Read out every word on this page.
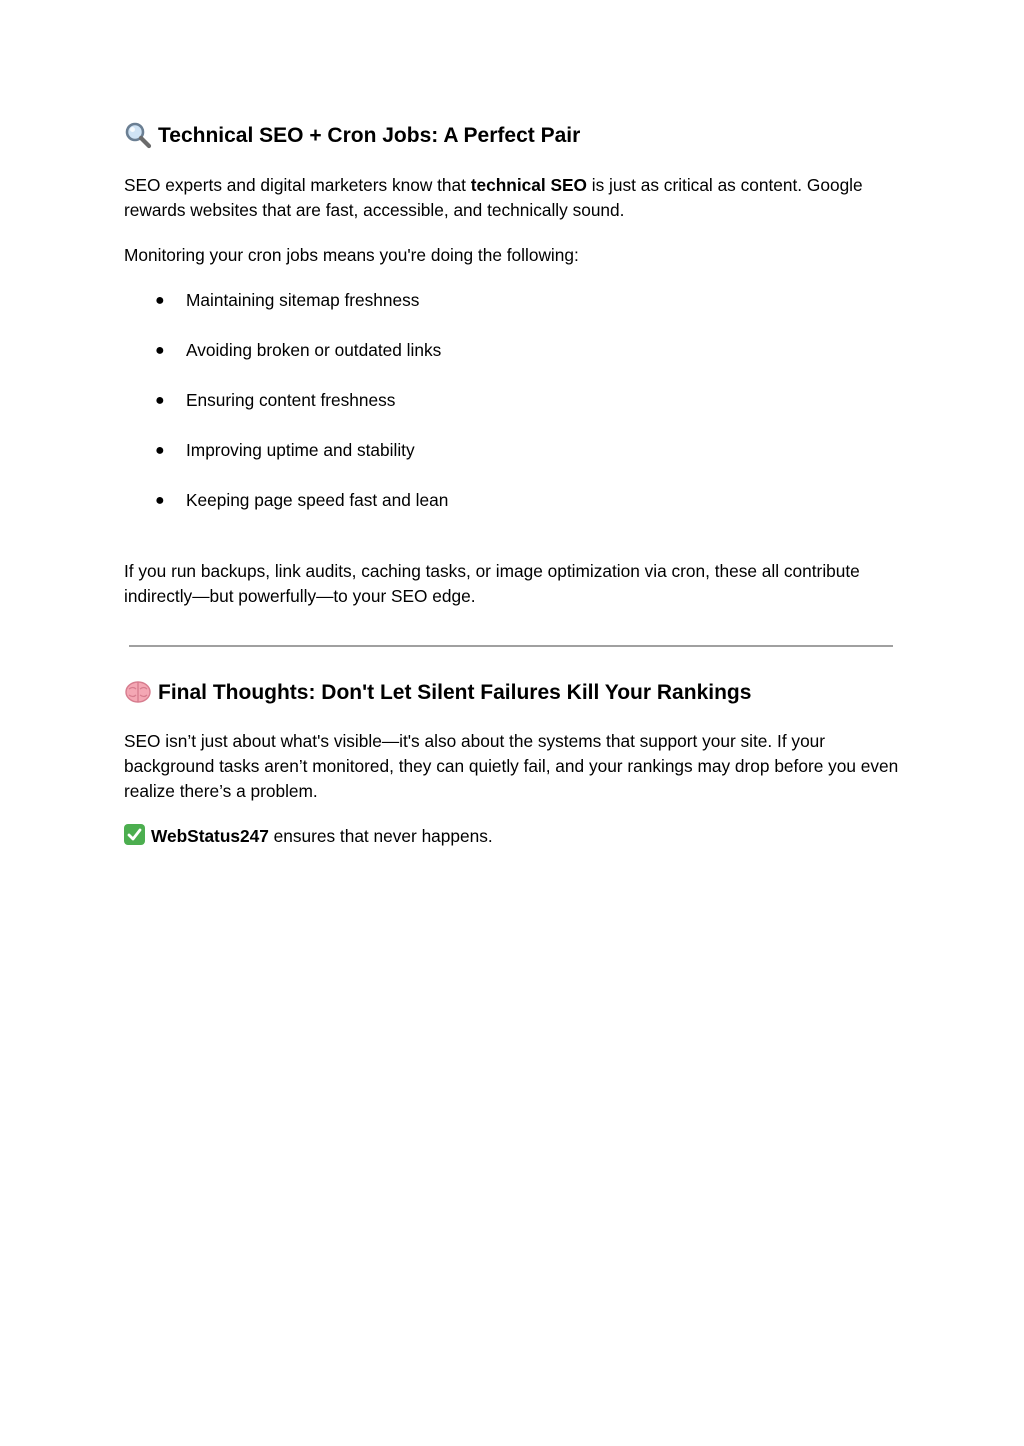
Technical SEO + Cron Jobs: A Perfect Pair

SEO experts and digital marketers know that technical SEO is just as critical as content. Google rewards websites that are fast, accessible, and technically sound.

Monitoring your cron jobs means you're doing the following:

● Maintaining sitemap freshness
● Avoiding broken or outdated links
● Ensuring content freshness
● Improving uptime and stability
● Keeping page speed fast and lean

If you run backups, link audits, caching tasks, or image optimization via cron, these all contribute indirectly—but powerfully—to your SEO edge.

Final Thoughts: Don't Let Silent Failures Kill Your Rankings

SEO isn’t just about what's visible—it's also about the systems that support your site. If your background tasks aren’t monitored, they can quietly fail, and your rankings may drop before you even realize there’s a problem.

WebStatus247 ensures that never happens.
